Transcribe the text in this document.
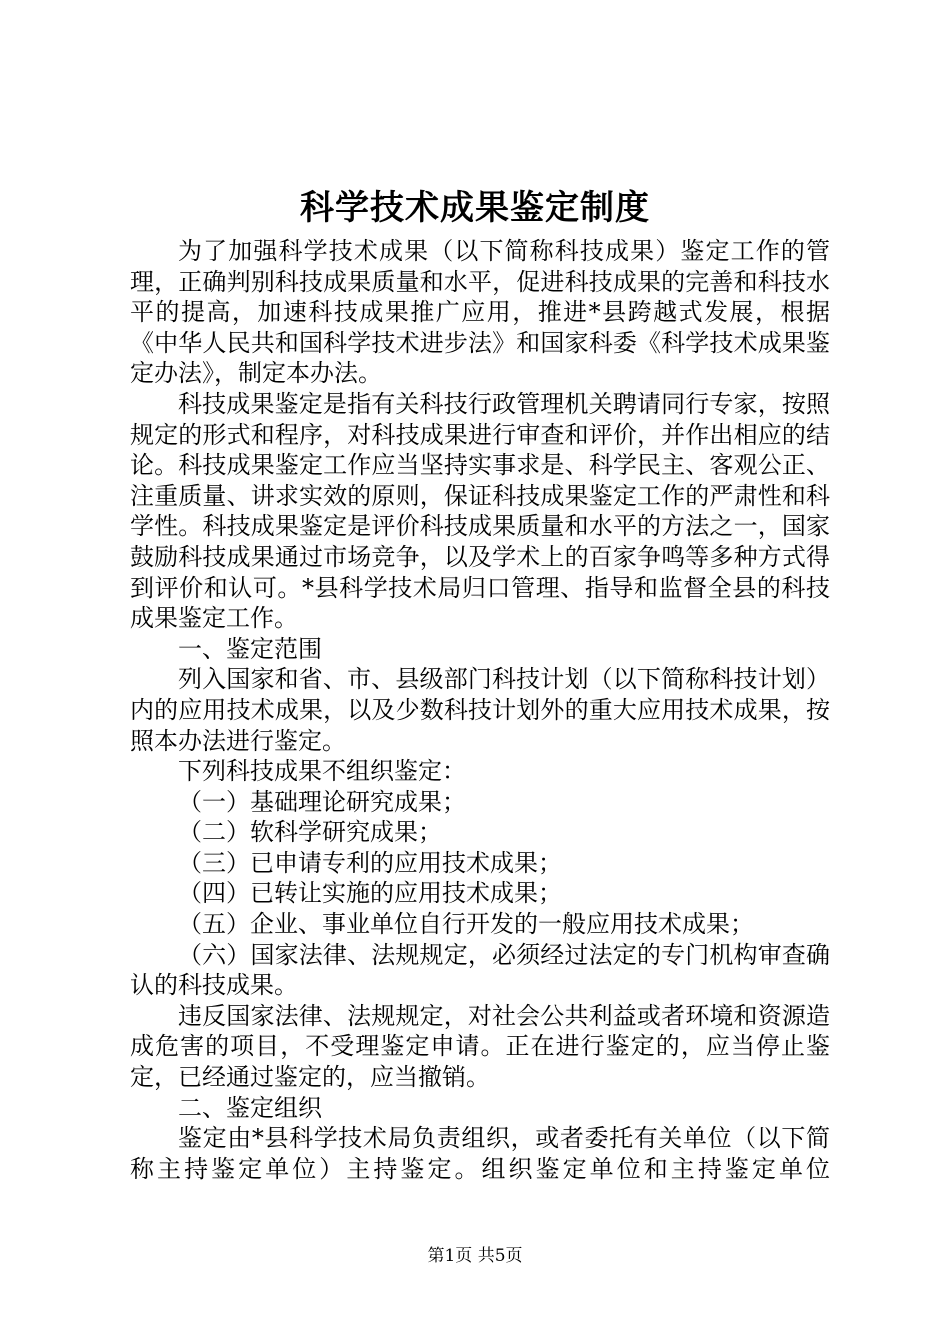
科学技术成果鉴定制度

为了加强科学技术成果（以下简称科技成果）鉴定工作的管理，正确判别科技成果质量和水平，促进科技成果的完善和科技水平的提高，加速科技成果推广应用，推进*县跨越式发展，根据《中华人民共和国科学技术进步法》和国家科委《科学技术成果鉴定办法》，制定本办法。

科技成果鉴定是指有关科技行政管理机关聘请同行专家，按照规定的形式和程序，对科技成果进行审查和评价，并作出相应的结论。科技成果鉴定工作应当坚持实事求是、科学民主、客观公正、注重质量、讲求实效的原则，保证科技成果鉴定工作的严肃性和科学性。科技成果鉴定是评价科技成果质量和水平的方法之一，国家鼓励科技成果通过市场竞争，以及学术上的百家争鸣等多种方式得到评价和认可。*县科学技术局归口管理、指导和监督全县的科技成果鉴定工作。

一、鉴定范围

列入国家和省、市、县级部门科技计划（以下简称科技计划）内的应用技术成果，以及少数科技计划外的重大应用技术成果，按照本办法进行鉴定。

下列科技成果不组织鉴定：

（一）基础理论研究成果；

（二）软科学研究成果；

（三）已申请专利的应用技术成果；

（四）已转让实施的应用技术成果；

（五）企业、事业单位自行开发的一般应用技术成果；

（六）国家法律、法规规定，必须经过法定的专门机构审查确认的科技成果。

违反国家法律、法规规定，对社会公共利益或者环境和资源造成危害的项目，不受理鉴定申请。正在进行鉴定的，应当停止鉴定，已经通过鉴定的，应当撤销。

二、鉴定组织

鉴定由*县科学技术局负责组织，或者委托有关单位（以下简称主持鉴定单位）主持鉴定。组织鉴定单位和主持鉴定单位

第1页 共5页
